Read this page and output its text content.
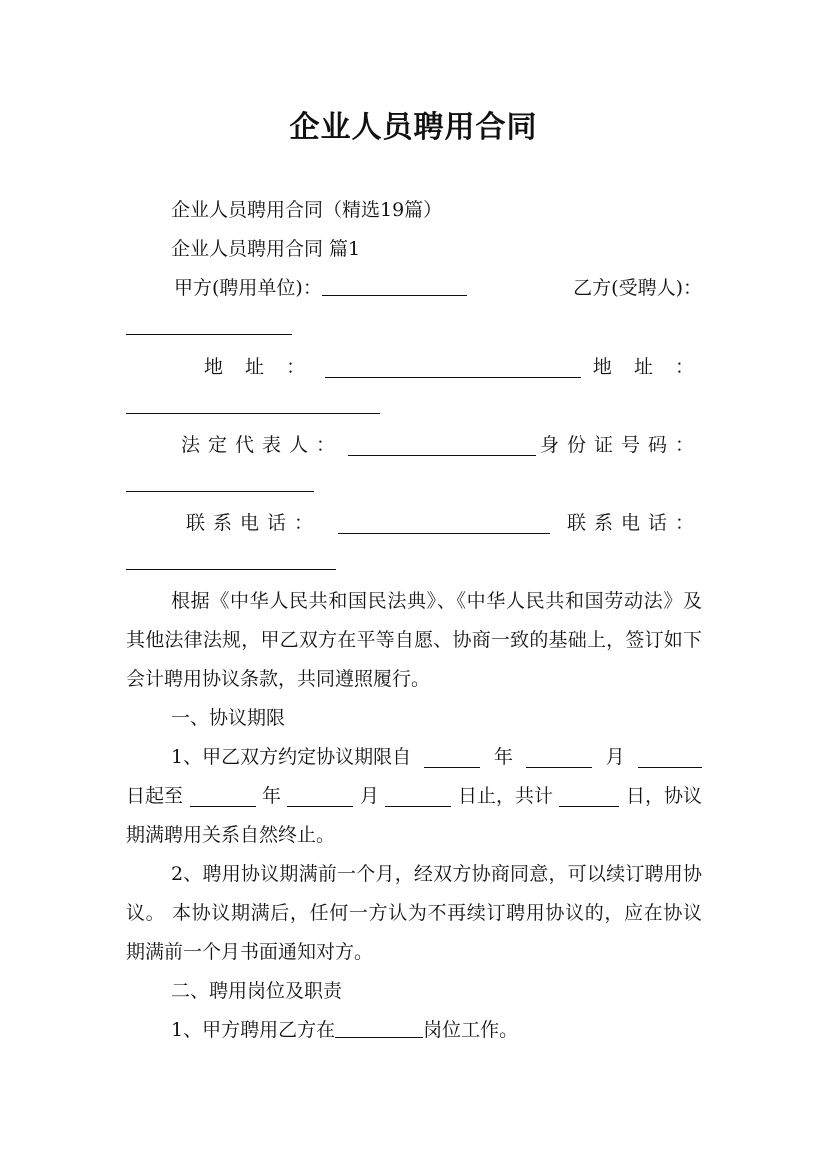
企业人员聘用合同
企业人员聘用合同（精选19篇）
企业人员聘用合同 篇1
甲方(聘用单位)：	乙方(受聘人)：
地 址 ：	地 址 ：
法定代表人：	身份证号码：
联系电话：	联系电话：
根据《中华人民共和国民法典》、《中华人民共和国劳动法》及其他法律法规，甲乙双方在平等自愿、协商一致的基础上，签订如下会计聘用协议条款，共同遵照履行。
一、协议期限
1、甲乙双方约定协议期限自	年	月
日起至	年	月	日止，共计	日，协议
期满聘用关系自然终止。
2、聘用协议期满前一个月，经双方协商同意，可以续订聘用协议。 本协议期满后，任何一方认为不再续订聘用协议的，应在协议期满前一个月书面通知对方。
二、聘用岗位及职责
1、甲方聘用乙方在	岗位工作。
